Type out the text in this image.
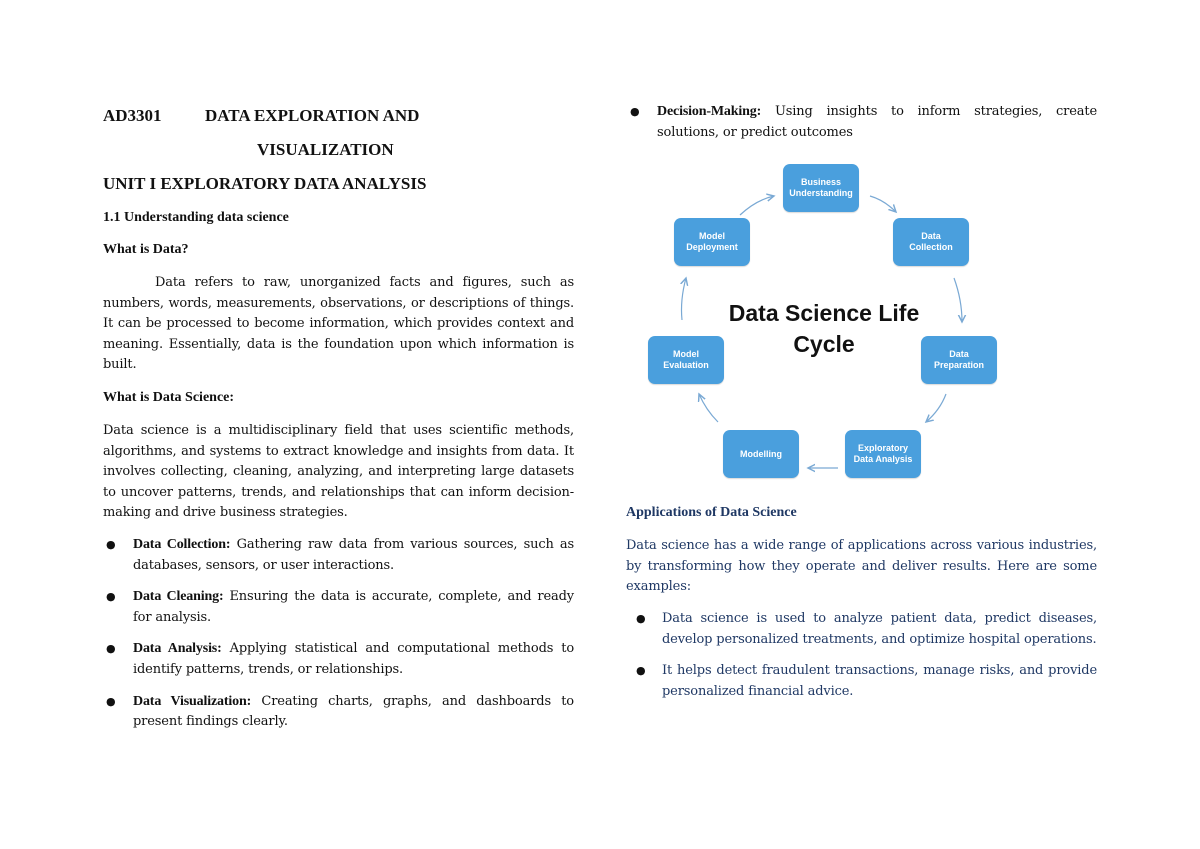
AD3301	DATA EXPLORATION AND
VISUALIZATION
UNIT I EXPLORATORY DATA ANALYSIS
1.1 Understanding data science
What is Data?
Data refers to raw, unorganized facts and figures, such as numbers, words, measurements, observations, or descriptions of things. It can be processed to become information, which provides context and meaning. Essentially, data is the foundation upon which information is built.
What is Data Science:
Data science is a multidisciplinary field that uses scientific methods, algorithms, and systems to extract knowledge and insights from data. It involves collecting, cleaning, analyzing, and interpreting large datasets to uncover patterns, trends, and relationships that can inform decision-making and drive business strategies.
● Data Collection: Gathering raw data from various sources, such as databases, sensors, or user interactions.
● Data Cleaning: Ensuring the data is accurate, complete, and ready for analysis.
● Data Analysis: Applying statistical and computational methods to identify patterns, trends, or relationships.
● Data Visualization: Creating charts, graphs, and dashboards to present findings clearly.
● Decision-Making: Using insights to inform strategies, create solutions, or predict outcomes
Applications of Data Science
Data science has a wide range of applications across various industries, by transforming how they operate and deliver results. Here are some examples:
● Data science is used to analyze patient data, predict diseases, develop personalized treatments, and optimize hospital operations.
● It helps detect fraudulent transactions, manage risks, and provide personalized financial advice.
Business
Understanding
Data
Collection
Data
Preparation
Exploratory
Data Analysis
Modelling
Model
Evaluation
Model
Deployment
Data Science Life
Cycle
